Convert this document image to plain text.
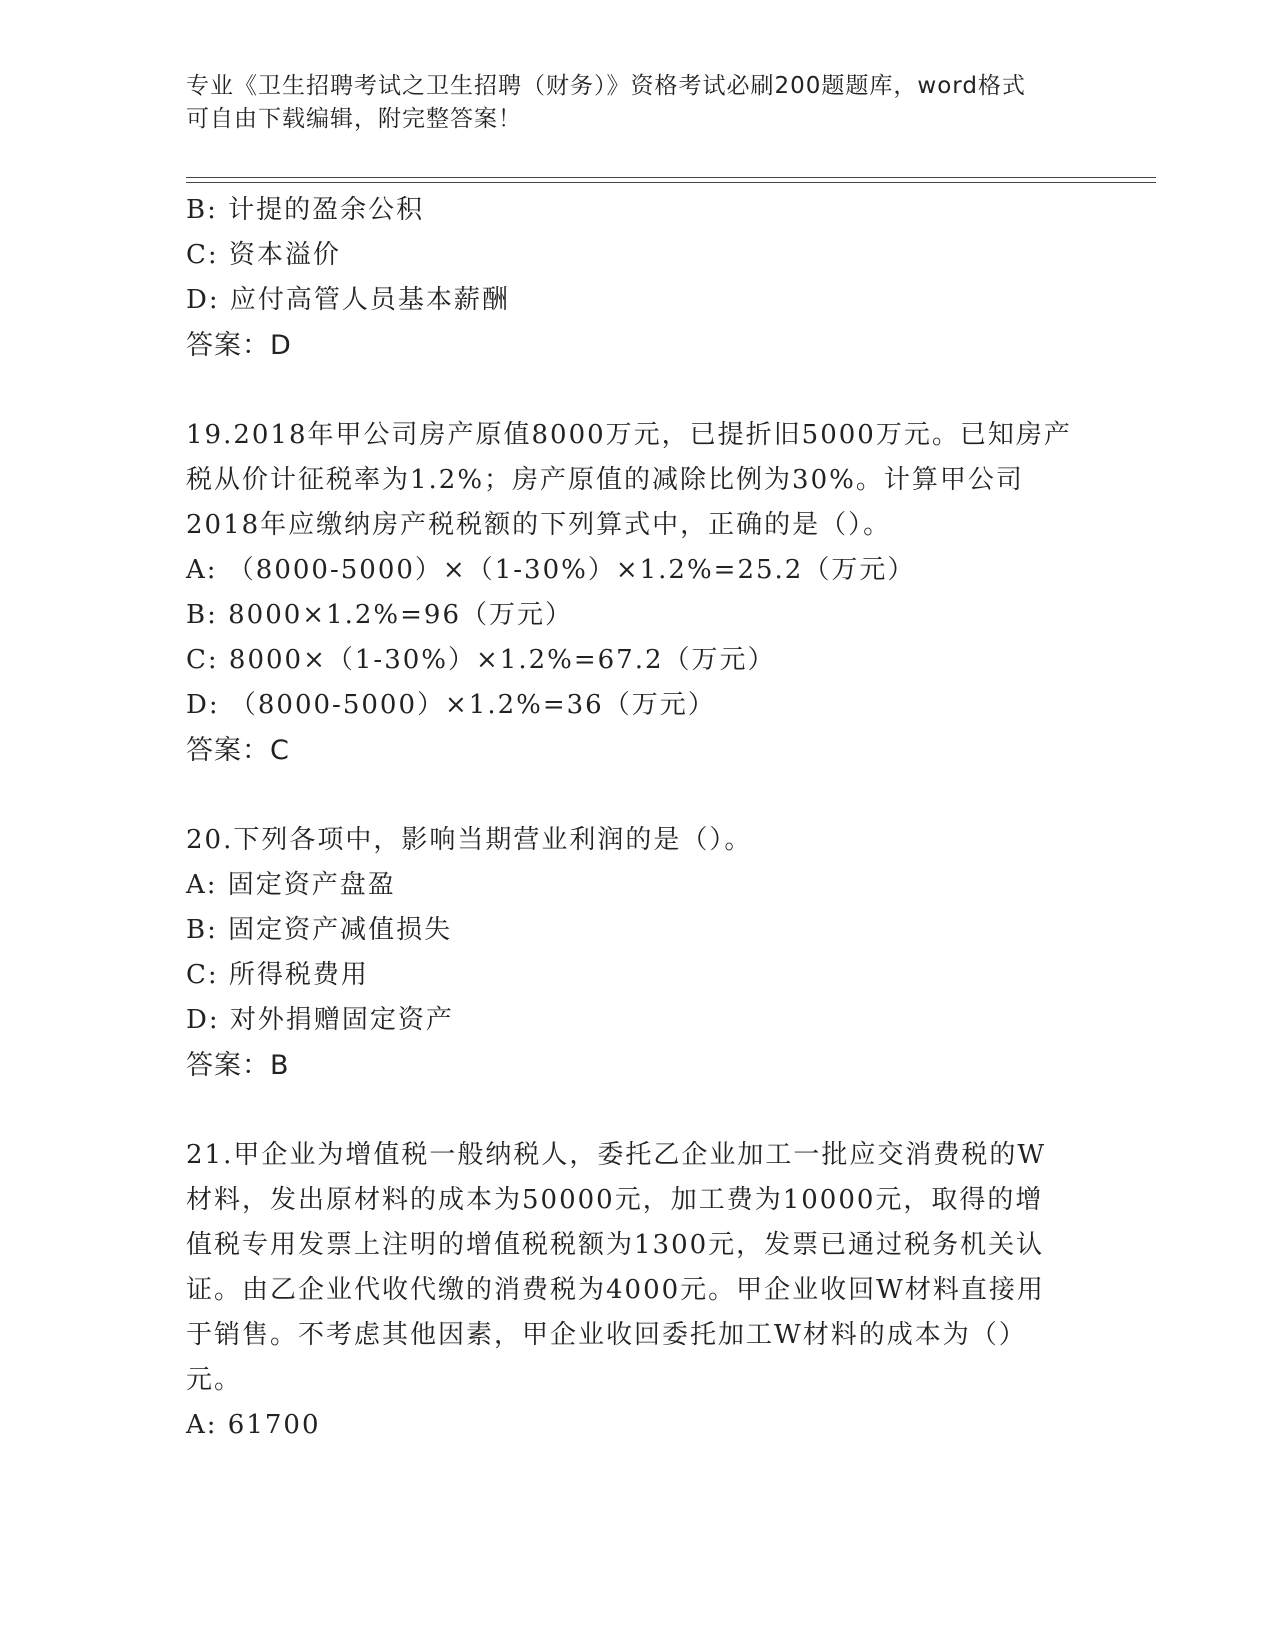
专业《卫生招聘考试之卫生招聘（财务）》资格考试必刷200题题库，word格式
可自由下载编辑，附完整答案！
B: 计提的盈余公积
C: 资本溢价
D: 应付高管人员基本薪酬
答案：D
19.2018年甲公司房产原值8000万元，已提折旧5000万元。已知房产
税从价计征税率为1.2%；房产原值的减除比例为30%。计算甲公司
2018年应缴纳房产税税额的下列算式中，正确的是（）。
A: （8000-5000）×（1-30%）×1.2%=25.2（万元）
B: 8000×1.2%=96（万元）
C: 8000×（1-30%）×1.2%=67.2（万元）
D: （8000-5000）×1.2%=36（万元）
答案：C
20.下列各项中，影响当期营业利润的是（）。
A: 固定资产盘盈
B: 固定资产减值损失
C: 所得税费用
D: 对外捐赠固定资产
答案：B
21.甲企业为增值税一般纳税人，委托乙企业加工一批应交消费税的W
材料，发出原材料的成本为50000元，加工费为10000元，取得的增
值税专用发票上注明的增值税税额为1300元，发票已通过税务机关认
证。由乙企业代收代缴的消费税为4000元。甲企业收回W材料直接用
于销售。不考虑其他因素，甲企业收回委托加工W材料的成本为（）
元。
A: 61700
